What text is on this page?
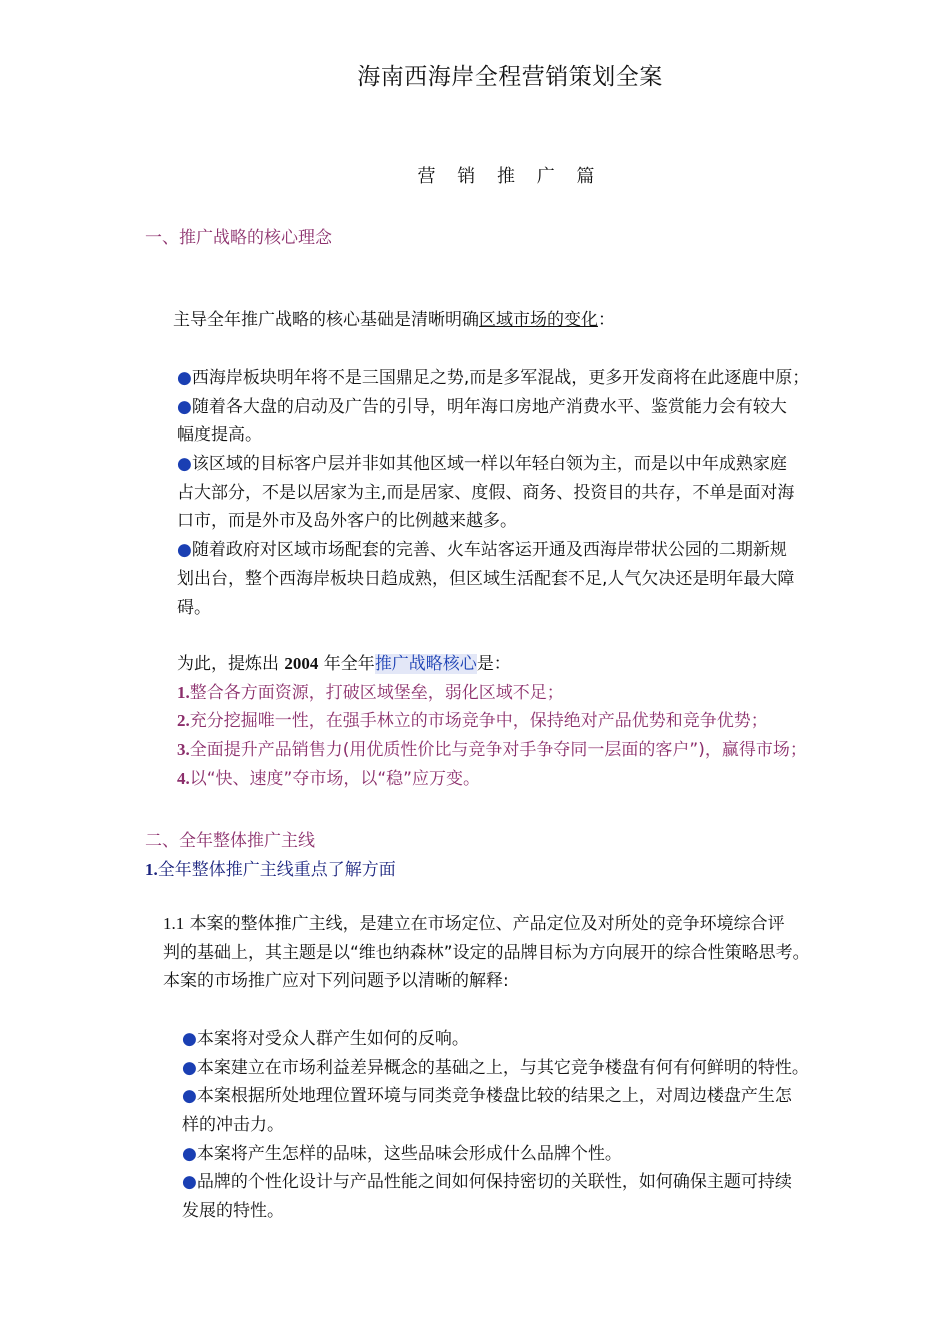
海南西海岸全程营销策划全案
营 销 推 广 篇
一、推广战略的核心理念
主导全年推广战略的核心基础是清晰明确区域市场的变化：
●西海岸板块明年将不是三国鼎足之势,而是多军混战，更多开发商将在此逐鹿中原；
●随着各大盘的启动及广告的引导，明年海口房地产消费水平、鉴赏能力会有较大
幅度提高。
●该区域的目标客户层并非如其他区域一样以年轻白领为主，而是以中年成熟家庭
占大部分，不是以居家为主,而是居家、度假、商务、投资目的共存，不单是面对海
口市，而是外市及岛外客户的比例越来越多。
●随着政府对区域市场配套的完善、火车站客运开通及西海岸带状公园的二期新规
划出台，整个西海岸板块日趋成熟，但区域生活配套不足,人气欠决还是明年最大障
碍。
为此，提炼出 2004 年全年推广战略核心是：
1.整合各方面资源，打破区域堡垒，弱化区域不足；
2.充分挖掘唯一性，在强手林立的市场竞争中，保持绝对产品优势和竞争优势；
3.全面提升产品销售力(用优质性价比与竞争对手争夺同一层面的客户”)，赢得市场；
4.以“快、速度”夺市场，以“稳”应万变。
二、全年整体推广主线
1.全年整体推广主线重点了解方面
1.1 本案的整体推广主线，是建立在市场定位、产品定位及对所处的竞争环境综合评
判的基础上，其主题是以“维也纳森林”设定的品牌目标为方向展开的综合性策略思考。
本案的市场推广应对下列问题予以清晰的解释:
●本案将对受众人群产生如何的反响。
●本案建立在市场利益差异概念的基础之上，与其它竞争楼盘有何有何鲜明的特性。
●本案根据所处地理位置环境与同类竞争楼盘比较的结果之上，对周边楼盘产生怎
样的冲击力。
●本案将产生怎样的品味，这些品味会形成什么品牌个性。
●品牌的个性化设计与产品性能之间如何保持密切的关联性，如何确保主题可持续
发展的特性。
